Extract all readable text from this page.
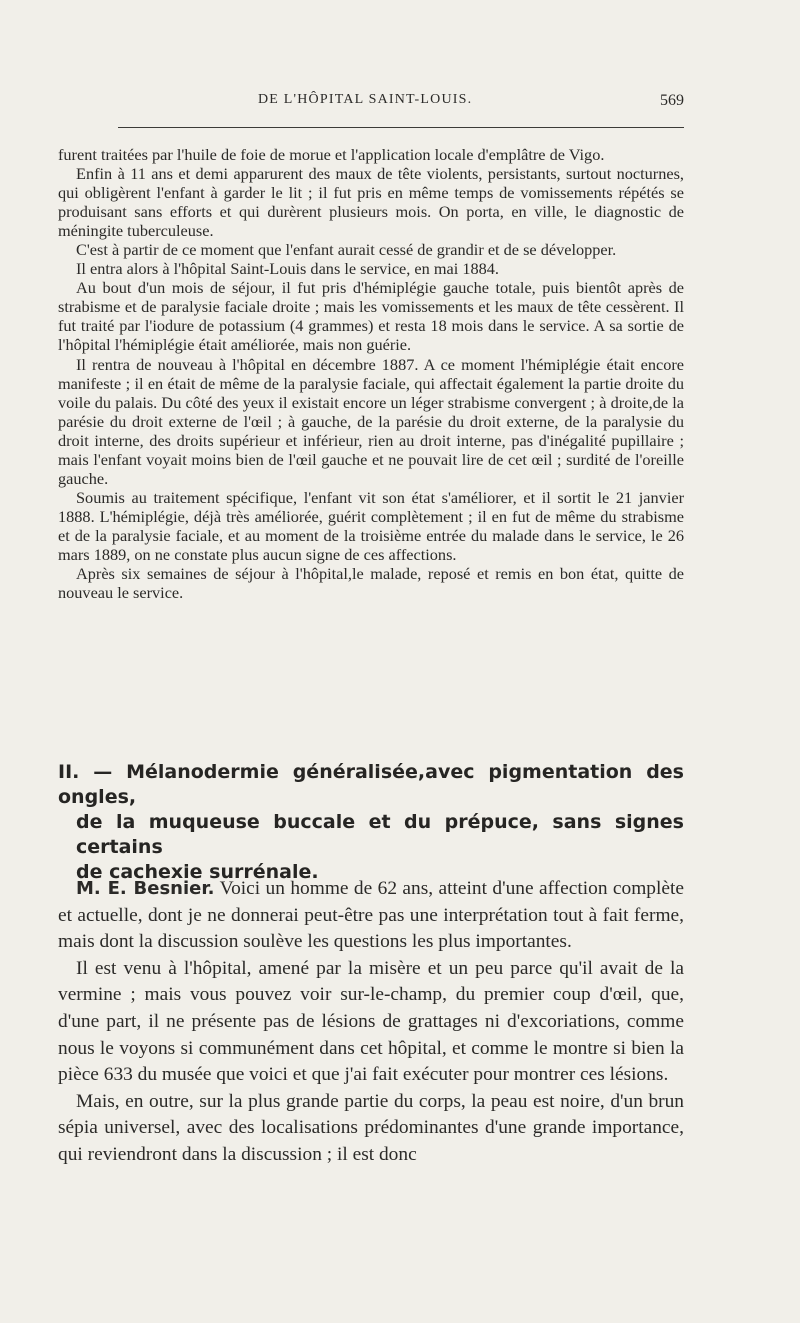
DE L'HÔPITAL SAINT-LOUIS.	569

furent traitées par l'huile de foie de morue et l'application locale d'emplâtre de Vigo.

Enfin à 11 ans et demi apparurent des maux de tête violents, persistants, surtout nocturnes, qui obligèrent l'enfant à garder le lit ; il fut pris en même temps de vomissements répétés se produisant sans efforts et qui durèrent plusieurs mois. On porta, en ville, le diagnostic de méningite tuberculeuse.

C'est à partir de ce moment que l'enfant aurait cessé de grandir et de se développer.

Il entra alors à l'hôpital Saint-Louis dans le service, en mai 1884.

Au bout d'un mois de séjour, il fut pris d'hémiplégie gauche totale, puis bientôt après de strabisme et de paralysie faciale droite ; mais les vomissements et les maux de tête cessèrent. Il fut traité par l'iodure de potassium (4 grammes) et resta 18 mois dans le service. A sa sortie de l'hôpital l'hémiplégie était améliorée, mais non guérie.

Il rentra de nouveau à l'hôpital en décembre 1887. A ce moment l'hémiplégie était encore manifeste ; il en était de même de la paralysie faciale, qui affectait également la partie droite du voile du palais. Du côté des yeux il existait encore un léger strabisme convergent ; à droite,de la parésie du droit externe de l'œil ; à gauche, de la parésie du droit externe, de la paralysie du droit interne, des droits supérieur et inférieur, rien au droit interne, pas d'inégalité pupillaire ; mais l'enfant voyait moins bien de l'œil gauche et ne pouvait lire de cet œil ; surdité de l'oreille gauche.

Soumis au traitement spécifique, l'enfant vit son état s'améliorer, et il sortit le 21 janvier 1888. L'hémiplégie, déjà très améliorée, guérit complètement ; il en fut de même du strabisme et de la paralysie faciale, et au moment de la troisième entrée du malade dans le service, le 26 mars 1889, on ne constate plus aucun signe de ces affections.

Après six semaines de séjour à l'hôpital,le malade, reposé et remis en bon état, quitte de nouveau le service.

II. — Mélanodermie généralisée,avec pigmentation des ongles,
de la muqueuse buccale et du prépuce, sans signes certains
de cachexie surrénale.

M. E. Besnier. Voici un homme de 62 ans, atteint d'une affection complète et actuelle, dont je ne donnerai peut-être pas une interprétation tout à fait ferme, mais dont la discussion soulève les questions les plus importantes.

Il est venu à l'hôpital, amené par la misère et un peu parce qu'il avait de la vermine ; mais vous pouvez voir sur-le-champ, du premier coup d'œil, que, d'une part, il ne présente pas de lésions de grattages ni d'excoriations, comme nous le voyons si communément dans cet hôpital, et comme le montre si bien la pièce 633 du musée que voici et que j'ai fait exécuter pour montrer ces lésions.

Mais, en outre, sur la plus grande partie du corps, la peau est noire, d'un brun sépia universel, avec des localisations prédominantes d'une grande importance, qui reviendront dans la discussion ; il est donc
